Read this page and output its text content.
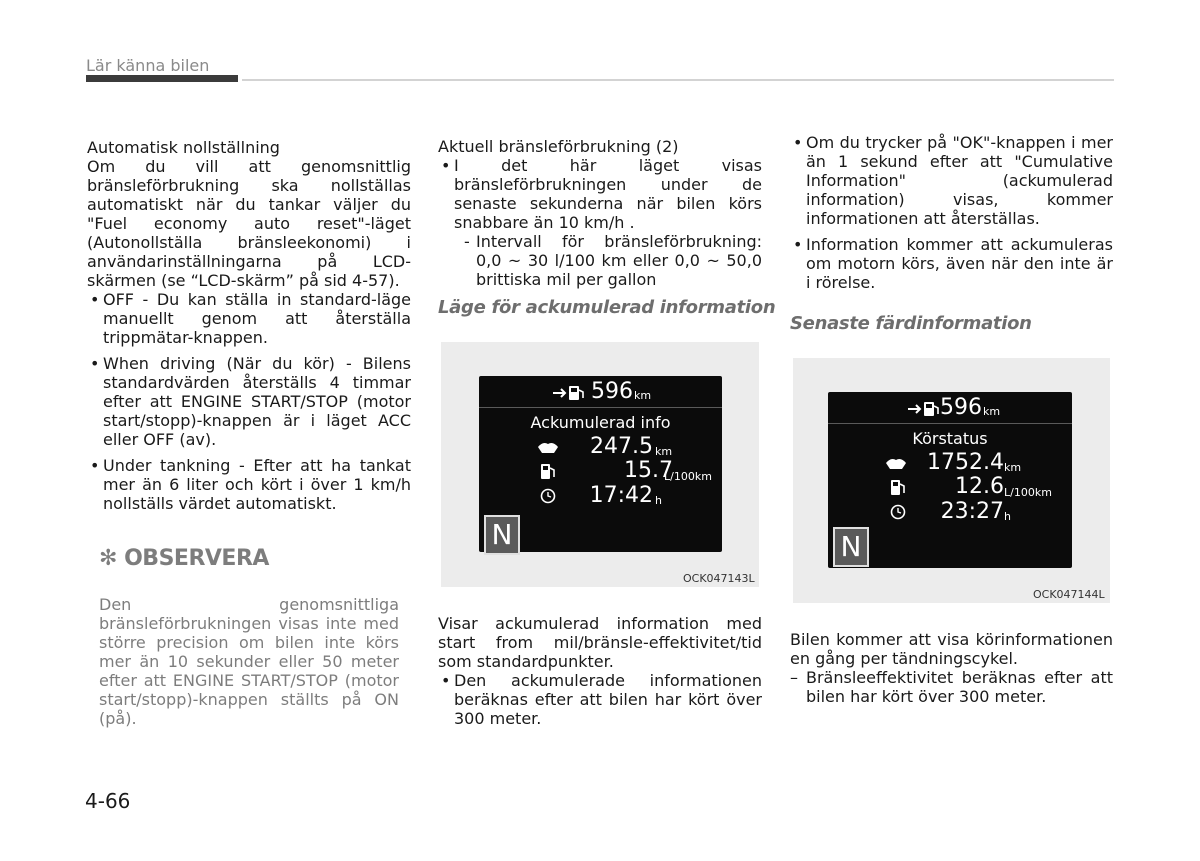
Lär känna bilen
Automatisk nollställning
Om du vill att genomsnittlig bränsleförbrukning ska nollställas automatiskt när du tankar väljer du "Fuel economy auto reset"-läget (Autonollställa bränsleekonomi) i användarinställningarna på LCD-skärmen (se “LCD-skärm” på sid 4-57).
• OFF - Du kan ställa in standard-läge manuellt genom att återställa trippmätar-knappen.
• When driving (När du kör) - Bilens standardvärden återställs 4 timmar efter att ENGINE START/STOP (motor start/stopp)-knappen är i läget ACC eller OFF (av).
• Under tankning - Efter att ha tankat mer än 6 liter och kört i över 1 km/h nollställs värdet automatiskt.
✻ OBSERVERA
Den genomsnittliga bränsleförbrukningen visas inte med större precision om bilen inte körs mer än 10 sekunder eller 50 meter efter att ENGINE START/STOP (motor start/stopp)-knappen ställts på ON (på).
Aktuell bränsleförbrukning (2)
• I det här läget visas bränsleförbrukningen under de senaste sekunderna när bilen körs snabbare än 10 km/h .
- Intervall för bränsleförbrukning: 0,0 ~ 30 l/100 km eller 0,0 ~ 50,0 brittiska mil per gallon
Läge för ackumulerad information
596 km
Ackumulerad info
247.5 km
15.7
L/100km
17:42 h
N
OCK047143L
Visar ackumulerad information med start from mil/bränsle-effektivitet/tid som standardpunkter.
• Den ackumulerade informationen beräknas efter att bilen har kört över 300 meter.
• Om du trycker på "OK"-knappen i mer än 1 sekund efter att "Cumulative Information" (ackumulerad information) visas, kommer informationen att återställas.
• Information kommer att ackumuleras om motorn körs, även när den inte är i rörelse.
Senaste färdinformation
596 km
Körstatus
1752.4 km
12.6 L/100km
23:27 h
N
OCK047144L
Bilen kommer att visa körinformationen en gång per tändningscykel.
– Bränsleeffektivitet beräknas efter att bilen har kört över 300 meter.
4-66
